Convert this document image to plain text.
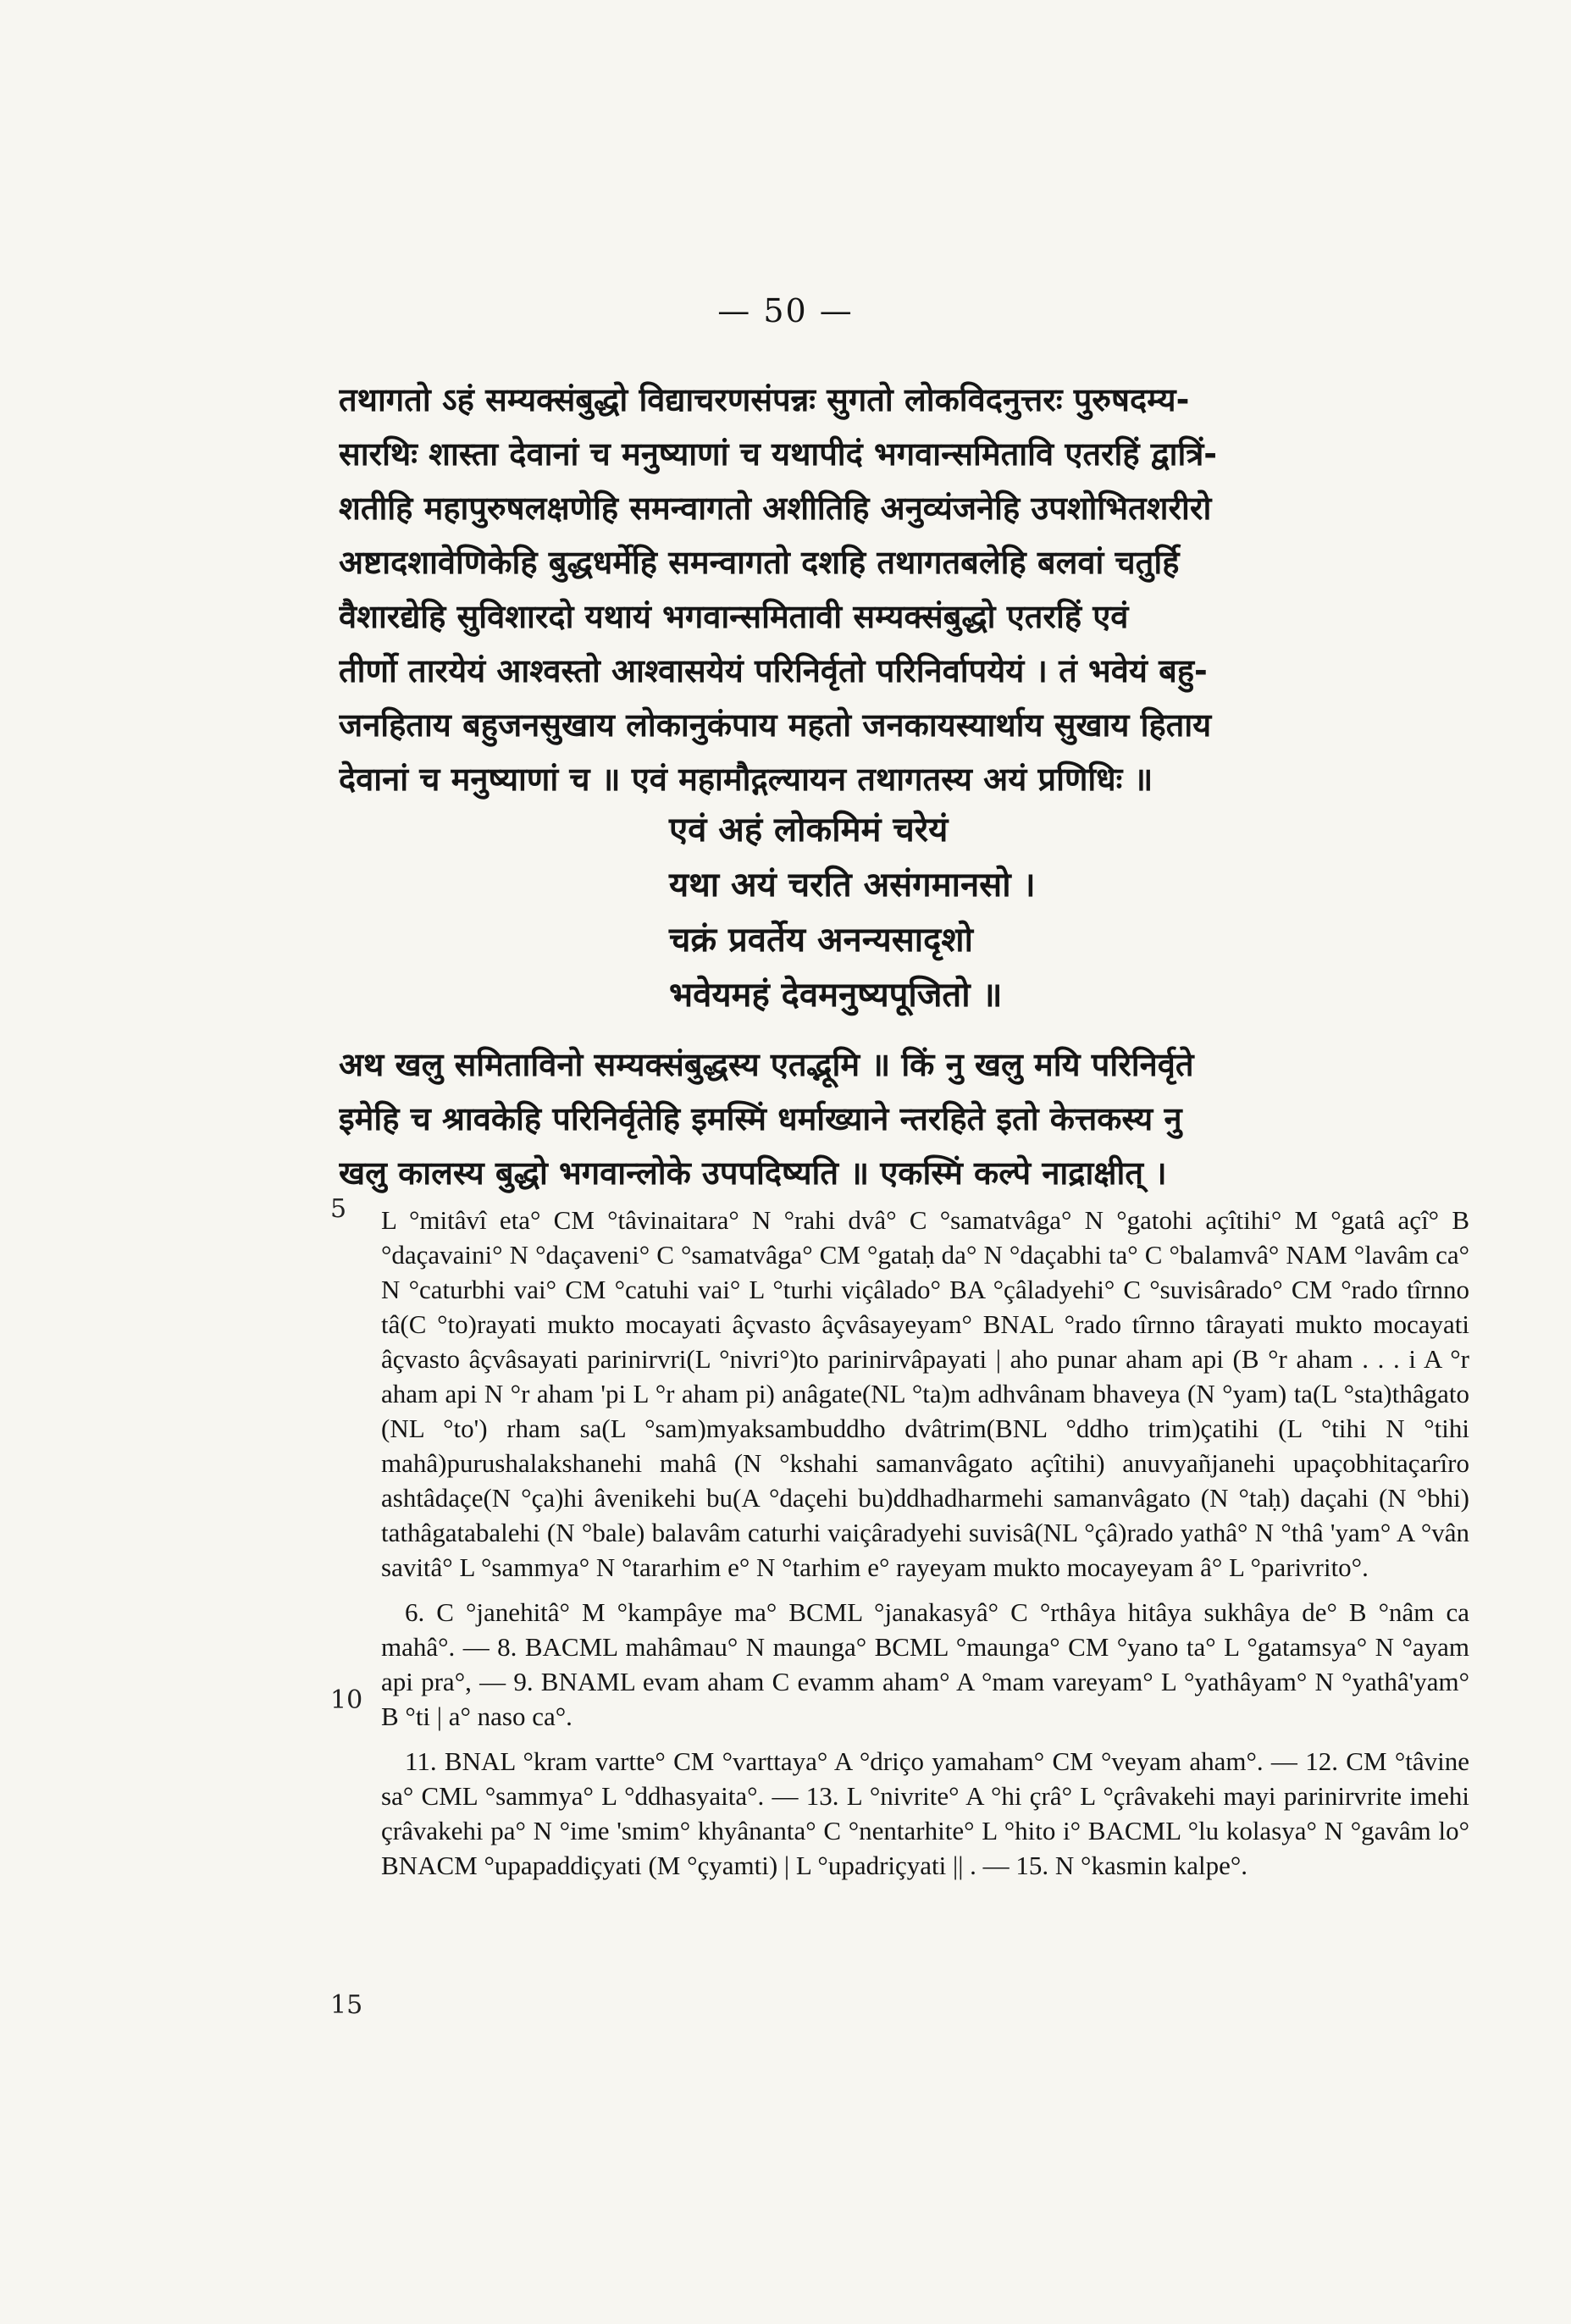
— 50 —
5
10
15
तथागतो ऽहं सम्यक्संबुद्धो विद्याचरणसंपन्नः सुगतो लोकविदनुत्तरः पुरुषदम्य-
सारथिः शास्ता देवानां च मनुष्याणां च यथापीदं भगवान्समितावि एतरहिं द्वात्रिं-
शतीहि महापुरुषलक्षणेहि समन्वागतो अशीतिहि अनुव्यंजनेहि उपशोभितशरीरो
अष्टादशावेणिकेहि बुद्धधर्मेहि समन्वागतो दशहि तथागतबलेहि बलवां चतुर्हि
वैशारद्येहि सुविशारदो यथायं भगवान्समितावी सम्यक्संबुद्धो एतरहिं एवं
तीर्णो तारयेयं आश्वस्तो आश्वासयेयं परिनिर्वृतो परिनिर्वापयेयं । तं भवेयं बहु-
जनहिताय बहुजनसुखाय लोकानुकंपाय महतो जनकायस्यार्थाय सुखाय हिताय
देवानां च मनुष्याणां च ॥ एवं महामौद्गल्यायन तथागतस्य अयं प्रणिधिः ॥
एवं अहं लोकमिमं चरेयं
यथा अयं चरति असंगमानसो ।
चक्रं प्रवर्तेय अनन्यसादृशो
भवेयमहं देवमनुष्यपूजितो ॥
अथ खलु समिताविनो सम्यक्संबुद्धस्य एतद्भूमि ॥ किं नु खलु मयि परिनिर्वृते
इमेहि च श्रावकेहि परिनिर्वृतेहि इमस्मिं धर्माख्याने न्तरहिते इतो केत्तकस्य नु
खलु कालस्य बुद्धो भगवान्लोके उपपदिष्यति ॥ एकस्मिं कल्पे नाद्राक्षीत् ।

L °mitâvî eta° CM °tâvinaitara° N °rahi dvâ° C °samatvâga° N °gatohi açîtihi° M °gatâ açî° B °daçavaini° N °daçaveni° C °samatvâga° CM °gataḥ da° N °daçabhi ta° C °balamvâ° NAM °lavâm ca° N °caturbhi vai° CM °catuhi vai° L °turhi viçâlado° BA °çâladyehi° C °suvisârado° CM °rado tîrnno tâ(C °to)rayati mukto mocayati âçvasto âçvâsayeyam° BNAL °rado tîrnno târayati mukto mocayati âçvasto âçvâsayati parinirvri(L °nivri°)to parinirvâpayati | aho punar aham api (B °r aham . . . i A °r aham api N °r aham 'pi L °r aham pi) anâgate(NL °ta)m adhvânam bhaveya (N °yam) ta(L °sta)thâgato (NL °to') rham sa(L °sam)myaksambuddho dvâtrim(BNL °ddho trim)çatihi (L °tihi N °tihi mahâ)purushalakshanehi mahâ (N °kshahi samanvâgato açîtihi) anuvyañjanehi upaçobhitaçarîro ashtâdaçe(N °ça)hi âvenikehi bu(A °daçehi bu)ddhadharmehi samanvâgato (N °taḥ) daçahi (N °bhi) tathâgatabalehi (N °bale) balavâm caturhi vaiçâradyehi suvisâ(NL °çâ)rado yathâ° N °thâ 'yam° A °vân savitâ° L °sammya° N °tararhim e° N °tarhim e° rayeyam mukto mocayeyam â° L °parivrito°.

6. C °janehitâ° M °kampâye ma° BCML °janakasyâ° C °rthâya hitâya sukhâya de° B °nâm ca mahâ°. — 8. BACML mahâmau° N maunga° BCML °maunga° CM °yano ta° L °gatamsya° N °ayam api pra°, — 9. BNAML evam aham C evamm aham° A °mam vareyam° L °yathâyam° N °yathâ'yam° B °ti | a° naso ca°.

11. BNAL °kram vartte° CM °varttaya° A °driço yamaham° CM °veyam aham°. — 12. CM °tâvine sa° CML °sammya° L °ddhasyaita°. — 13. L °nivrite° A °hi çrâ° L °çrâvakehi mayi parinirvrite imehi çrâvakehi pa° N °ime 'smim° khyânanta° C °nentarhite° L °hito i° BACML °lu kolasya° N °gavâm lo° BNACM °upapaddiçyati (M °çyamti) | L °upadriçyati || . — 15. N °kasmin kalpe°.
